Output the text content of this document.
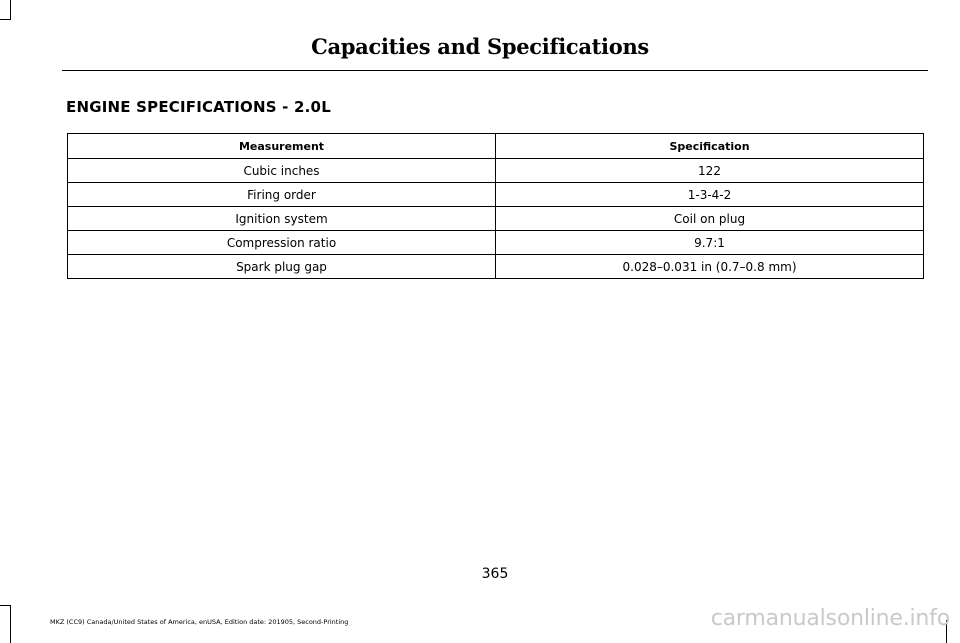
Capacities and Specifications
ENGINE SPECIFICATIONS - 2.0L
Measurement	Specification
Cubic inches	122
Firing order	1-3-4-2
Ignition system	Coil on plug
Compression ratio	9.7:1
Spark plug gap	0.028–0.031 in (0.7–0.8 mm)
365
MKZ (CC9) Canada/United States of America, enUSA, Edition date: 201905, Second-Printing	carmanualsonline.info
